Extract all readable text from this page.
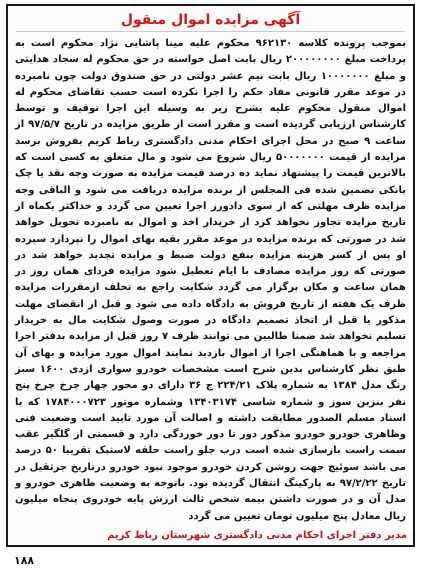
آگهی مزایده اموال منقول
بموجب پرونده کلاسه ۹۶۲۱۳۰ محکوم علیه مینا پاشایی نژاد محکوم است به پرداخت مبلغ ۲۰۰۰۰۰۰۰۰ ریال بابت اصل خواسته در حق محکوم له سجاد هدایتی و مبلغ ۱۰۰۰۰۰۰۰ ریال بابت نیم عشر دولتی در حق صندوق دولت چون نامبرده در موعد مقرر قانونی مفاد حکم را اجرا نکرده است حسب تقاضای محکوم له اموال منقول محکوم علیه بشرح زیر به وسیله این اجرا توقیف و توسط کارشناس ارزیابی گردیده است و مقرر است از طریق مزایده در تاریخ ۹۷/۵/۷ از ساعت ۹ صبح در محل اجرای احکام مدنی دادگستری رباط کریم بفروش برسد مزایده از قیمت ۵۰۰۰۰۰۰۰ ریال شروع می شود و مال متعلق به کسی است که بالاترین قیمت را پیشنهاد نماید ده درصد قیمت مزایده به صورت وجه نقد یا چک بانکی تضمین شده فی المجلس از برنده مزایده دریافت می شود و الباقی وجه مزایده ظرف مهلتی که از سوی دادورز اجرا تعیین می گردد و حداکثر یکماه از تاریخ مزایده تجاوز نخواهد کرد از خریدار اخذ و اموال به نامبرده تحویل خواهد شد در صورتی که برنده مزایده در موعد مقرر بقیه بهای اموال را نپردازد سپرده او پس از کسر هزینه مزایده بنفع دولت ضبط و مزایده تجدید خواهد شد در صورتی که روز مزایده مصادف با ایام تعطیل شود مزایده فردای همان روز در همان ساعت و مکان برگزار می گردد شکایت راجع به تخلف ازمقررات مزایده ظرف یک هفته از تاریخ فروش به دادگاه داده می شود و قبل از انقضای مهلت مذکور یا قبل از اتخاذ تصمیم دادگاه در صورت وصول شکایت مال به خریدار تسلیم نخواهد شد ضمنا طالبین می توانند ظرف ۷ روز قبل از مزایده بدفتر اجرا مراجعه و با هماهنگی اجرا از اموال بازدید نمایند اموال مورد مزایده و بهای آن طبق نظر کارشناس بدین شرح است مشخصات خودرو سواری ازدی ۱۶۰۰ سبز رنگ مدل ۱۳۸۴ به شماره پلاک ۲۲۴/۲۱ ج ۳۶ دارای دو محور چهار چرخ چرخ پنج نفر بنزین سوز و شماره شاسی ۱۳۴۰۳۱۷۴ وشماره موتور ۱۷۸۴۰۰۰۷۲۳ که با اسناد مسلم الصدور مطابقت داشته و اصالت آن مورد تایید است وضعیت فنی وظاهری خودرو خودرو مذکور دور تا دور خوردگی دارد و قسمتی از گلگیر عقب سمت راست بازسازی شده است درب جلو راست حلقه لاستیک تقریبا ۵۰ درصد می باشد سوئیچ جهت روشن کردن خودرو موجود نبود خودرو درتاریخ جرثقیل در تاریخ ۹۷/۲/۲۲ به پارکینگ انتقال گردیده بود. باتوجه به وضعیت ظاهری خودرو و مدل آن و در صورت داشتن بیمه شخص ثالث ارزش پایه خودروی پنجاه میلیون ریال معادل پنج میلیون تومان تعیین می گردد
مدیر دفتر اجرای احکام مدنی دادگستری شهرستان رباط کریم
۱۸۸
